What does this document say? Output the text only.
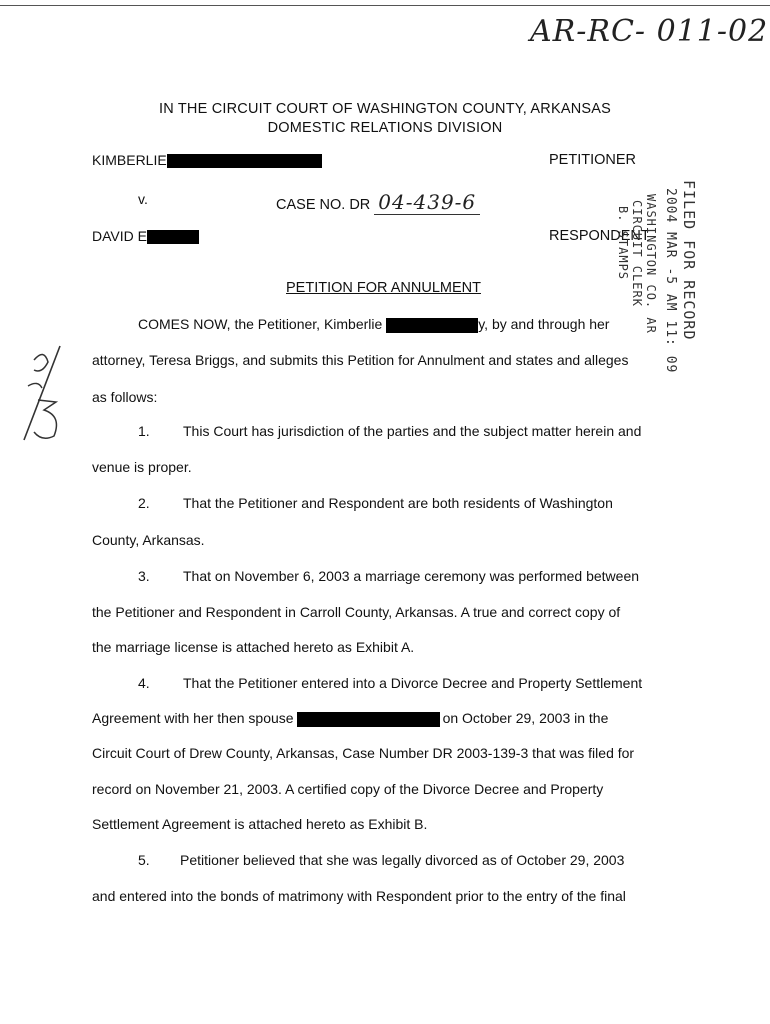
AR-RC- 011-02
IN THE CIRCUIT COURT OF WASHINGTON COUNTY, ARKANSAS
DOMESTIC RELATIONS DIVISION
KIMBERLIE	PETITIONER
v.	CASE NO. DR 04-439-6
DAVID E	RESPONDENT FILED FOR RECORD
2004 MAR -5 AM 11: 09
WASHINGTON CO. AR
CIRCUIT CLERK
B. STAMPS
PETITION FOR ANNULMENT
COMES NOW, the Petitioner, Kimberlie	y, by and through her
attorney, Teresa Briggs, and submits this Petition for Annulment and states and alleges
as follows:
1. This Court has jurisdiction of the parties and the subject matter herein and
venue is proper.
2. That the Petitioner and Respondent are both residents of Washington
County, Arkansas.
3. That on November 6, 2003 a marriage ceremony was performed between
the Petitioner and Respondent in Carroll County, Arkansas. A true and correct copy of
the marriage license is attached hereto as Exhibit A.
4. That the Petitioner entered into a Divorce Decree and Property Settlement
Agreement with her then spouse	on October 29, 2003 in the
Circuit Court of Drew County, Arkansas, Case Number DR 2003-139-3 that was filed for
record on November 21, 2003. A certified copy of the Divorce Decree and Property
Settlement Agreement is attached hereto as Exhibit B.
5. Petitioner believed that she was legally divorced as of October 29, 2003
and entered into the bonds of matrimony with Respondent prior to the entry of the final
